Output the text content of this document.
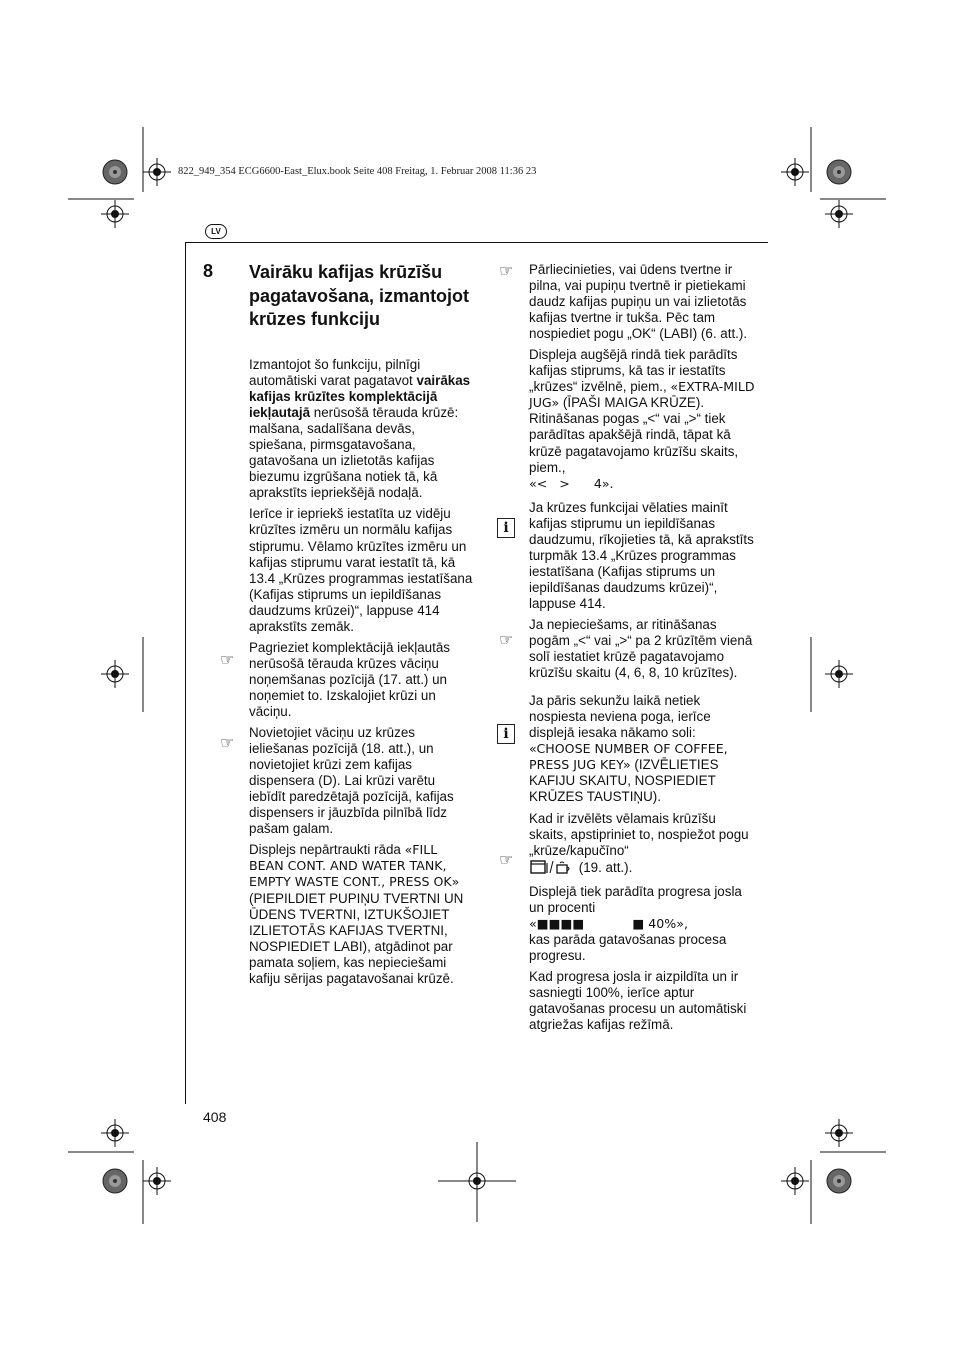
822_949_354 ECG6600-East_Elux.book Seite 408 Freitag, 1. Februar 2008 11:36 23
LV
8 Vairāku kafijas krūzīšu pagatavošana, izmantojot krūzes funkciju

Izmantojot šo funkciju, pilnīgi automātiski varat pagatavot vairākas kafijas krūzītes komplektācijā iekļautajā nerūsošā tērauda krūzē: malšana, sadalīšana devās, spiešana, pirmsgatavošana, gatavošana un izlietotās kafijas biezumu izgrūšana notiek tā, kā aprakstīts iepriekšējā nodaļā.

Ierīce ir iepriekš iestatīta uz vidēju krūzītes izmēru un normālu kafijas stiprumu. Vēlamo krūzītes izmēru un kafijas stiprumu varat iestatīt tā, kā 13.4 „Krūzes programmas iestatīšana (Kafijas stiprums un iepildīšanas daudzums krūzei)“, lappuse 414 aprakstīts zemāk.

Pagrieziet komplektācijā iekļautās nerūsošā tērauda krūzes vāciņu noņemšanas pozīcijā (17. att.) un noņemiet to. Izskalojiet krūzi un vāciņu.

Novietojiet vāciņu uz krūzes ieliešanas pozīcijā (18. att.), un novietojiet krūzi zem kafijas dispensera (D). Lai krūzi varētu iebīdīt paredzētajā pozīcijā, kafijas dispensers ir jāuzbīda pilnībā līdz pašam galam.

Displejs nepārtraukti rāda «FILL BEAN CONT. AND WATER TANK, EMPTY WASTE CONT., PRESS OK» (PIEPILDIET PUPIŅU TVERTNI UN ŪDENS TVERTNI, IZTUKŠOJIET IZLIETOTĀS KAFIJAS TVERTNI, NOSPIEDIET LABI), atgādinot par pamata soļiem, kas nepieciešami kafiju sērijas pagatavošanai krūzē.

☞
☞

Pārliecinieties, vai ūdens tvertne ir pilna, vai pupiņu tvertnē ir pietiekami daudz kafijas pupiņu un vai izlietotās kafijas tvertne ir tukša. Pēc tam nospiediet pogu „OK“ (LABI) (6. att.).

Displeja augšējā rindā tiek parādīts kafijas stiprums, kā tas ir iestatīts „krūzes“ izvēlnē, piem., «EXTRA-MILD JUG» (ĪPAŠI MAIGA KRŪZE). Ritināšanas pogas „<“ vai „>“ tiek parādītas apakšējā rindā, tāpat kā krūzē pagatavojamo krūzīšu skaits, piem.,
«<   >      4».

Ja krūzes funkcijai vēlaties mainīt kafijas stiprumu un iepildīšanas daudzumu, rīkojieties tā, kā aprakstīts turpmāk 13.4 „Krūzes programmas iestatīšana (Kafijas stiprums un iepildīšanas daudzums krūzei)“, lappuse 414.

Ja nepieciešams, ar ritināšanas pogām „<“ vai „>“ pa 2 krūzītēm vienā solī iestatiet krūzē pagatavojamo krūzīšu skaitu (4, 6, 8, 10 krūzītes).

Ja pāris sekunžu laikā netiek nospiesta neviena poga, ierīce displejā iesaka nākamo soli: «CHOOSE NUMBER OF COFFEE, PRESS JUG KEY» (IZVĒLIETIES KAFIJU SKAITU, NOSPIEDIET KRŪZES TAUSTIŅU).

Kad ir izvēlēts vēlamais krūzīšu skaits, apstipriniet to, nospiežot pogu „krūze/kapučīno“
(19. att.).

Displejā tiek parādīta progresa josla un procenti
«■■■■            ■ 40%»,
kas parāda gatavošanas procesa progresu.

Kad progresa josla ir aizpildīta un ir sasniegti 100%, ierīce aptur gatavošanas procesu un automātiski atgriežas kafijas režīmā.

☞
i
☞
i
☞
408
